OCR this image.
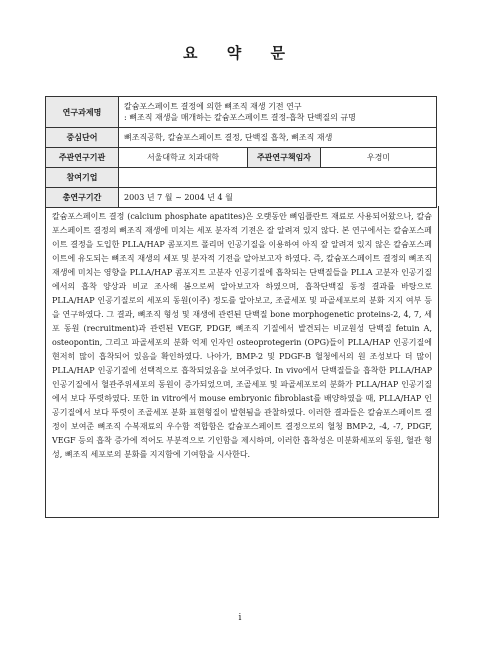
요 약 문
연구과제명	칼슘포스페이트 결정에 의한 뼈조직 재생 기전 연구
: 뼈조직 재생을 매개하는 칼슘포스페이트 결정-흡착 단백질의 규명		

중심단어	뼈조직공학, 칼슘포스페이트 결정, 단백질 흡착, 뼈조직 재생		
주관연구기관	서울대학교 치과대학	주관연구책임자	우경미
참여기업			
총연구기간	2003 년 7 월 ~ 2004 년 4 월		
칼슘포스페이트 결정 (calcium phosphate apatites)은 오랫동안 뼈임플란트 재료로 사용되어왔으나, 칼슘포스페이트 결정의 뼈조직 재생에 미치는 세포 분자적 기전은 잘 알려져 있지 않다. 본 연구에서는 칼슘포스페이트 결정을 도입한 PLLA/HAP 콤포지트 폴리머 인공기질을 이용하여 아직 잘 알려져 있지 않은 칼슘포스페이트에 유도되는 뼈조직 재생의 세포 및 분자적 기전을 알아보고자 하였다. 즉, 칼슘포스페이트 결정의 뼈조직 재생에 미치는 영향을 PLLA/HAP 콤포지트 고분자 인공기질에 흡착되는 단백질들을 PLLA 고분자 인공기질에서의 흡착 양상과 비교 조사해 봄으로써 알아보고자 하였으며, 흡착단백질 동정 결과를 바탕으로 PLLA/HAP 인공기질로의 세포의 동원(이주) 정도를 알아보고, 조골세포 및 파골세포로의 분화 지지 여부 등을 연구하였다. 그 결과, 뼈조직 형성 및 재생에 관련된 단백질 bone morphogenetic proteins-2, 4, 7, 세포 동원 (recruitment)과 관련된 VEGF, PDGF, 뼈조직 기질에서 발견되는 비교원성 단백질 fetuin A, osteopontin, 그리고 파골세포의 분화 억제 인자인 osteoprotegerin (OPG)들이 PLLA/HAP 인공기질에 현저히 많이 흡착되어 있음을 확인하였다. 나아가, BMP-2 및 PDGF-B 혈청에서의 원 조성보다 더 많이 PLLA/HAP 인공기질에 선택적으로 흡착되었음을 보여주었다. In vivo에서 단백질들을 흡착한 PLLA/HAP 인공기질에서 혈관주위세포의 동원이 증가되었으며, 조골세포 및 파골세포로의 분화가 PLLA/HAP 인공기질에서 보다 뚜렷하였다. 또한 in vitro에서 mouse embryonic fibroblast를 배양하였을 때, PLLA/HAP 인공기질에서 보다 뚜렷이 조골세포 분화 표현형질이 발현됨을 관찰하였다. 이러한 결과들은 칼슘포스페이트 결정이 보여준 뼈조직 수복재료의 우수함 적합함은 칼슘포스페이트 결정으로의 혈청 BMP-2, -4, -7, PDGF, VEGF 등의 흡착 증가에 적어도 부분적으로 기인함을 제시하며, 이러한 흡착성은 미분화세포의 동원, 혈관 형성, 뼈조직 세포로의 분화를 지지함에 기여함을 시사한다.
i
